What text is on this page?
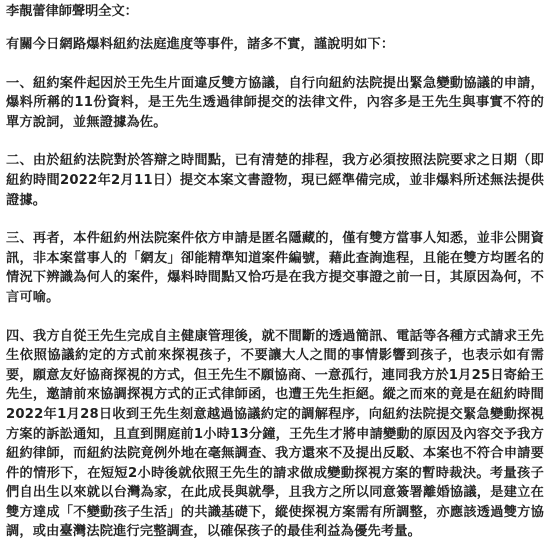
李靚蕾律師聲明全文：

有關今日網路爆料紐約法庭進度等事件，諸多不實，謹說明如下：

一、紐約案件起因於王先生片面違反雙方協議，自行向紐約法院提出緊急變動協議的申請，爆料所稱的11份資料，是王先生透過律師提交的法律文件，內容多是王先生與事實不符的單方說詞，並無證據為佐。

二、由於紐約法院對於答辯之時間點，已有清楚的排程，我方必須按照法院要求之日期（即紐約時間2022年2月11日）提交本案文書證物，現已經準備完成，並非爆料所述無法提供證據。

三、再者，本件紐約州法院案件依方申請是匿名隱藏的，僅有雙方當事人知悉，並非公開資訊，非本案當事人的「網友」卻能精準知道案件編號，藉此查詢進程，且能在雙方均匿名的情況下辨識為何人的案件，爆料時間點又恰巧是在我方提交事證之前一日，其原因為何，不言可喻。

四、我方自從王先生完成自主健康管理後，就不間斷的透過簡訊、電話等各種方式請求王先生依照協議約定的方式前來探視孩子，不要讓大人之間的事情影響到孩子，也表示如有需要，願意友好協商探視的方式，但王先生不願協商、一意孤行，連同我方於1月25日寄給王先生，邀請前來協調探視方式的正式律師函，也遭王先生拒絕。縱之而來的竟是在紐約時間2022年1月28日收到王先生刻意越過協議約定的調解程序，向紐約法院提交緊急變動探視方案的訴訟通知，且直到開庭前1小時13分鐘，王先生才將申請變動的原因及內容交予我方紐約律師，而紐約法院竟例外地在毫無調查、我方還來不及提出反駁、本案也不符合申請要件的情形下，在短短2小時後就依照王先生的請求做成變動探視方案的暫時裁決。考量孩子們自出生以來就以台灣為家，在此成長與就學，且我方之所以同意簽署離婚協議，是建立在雙方達成「不變動孩子生活」的共識基礎下，縱使探視方案需有所調整，亦應該透過雙方協調，或由臺灣法院進行完整調查，以確保孩子的最佳利益為優先考量。
